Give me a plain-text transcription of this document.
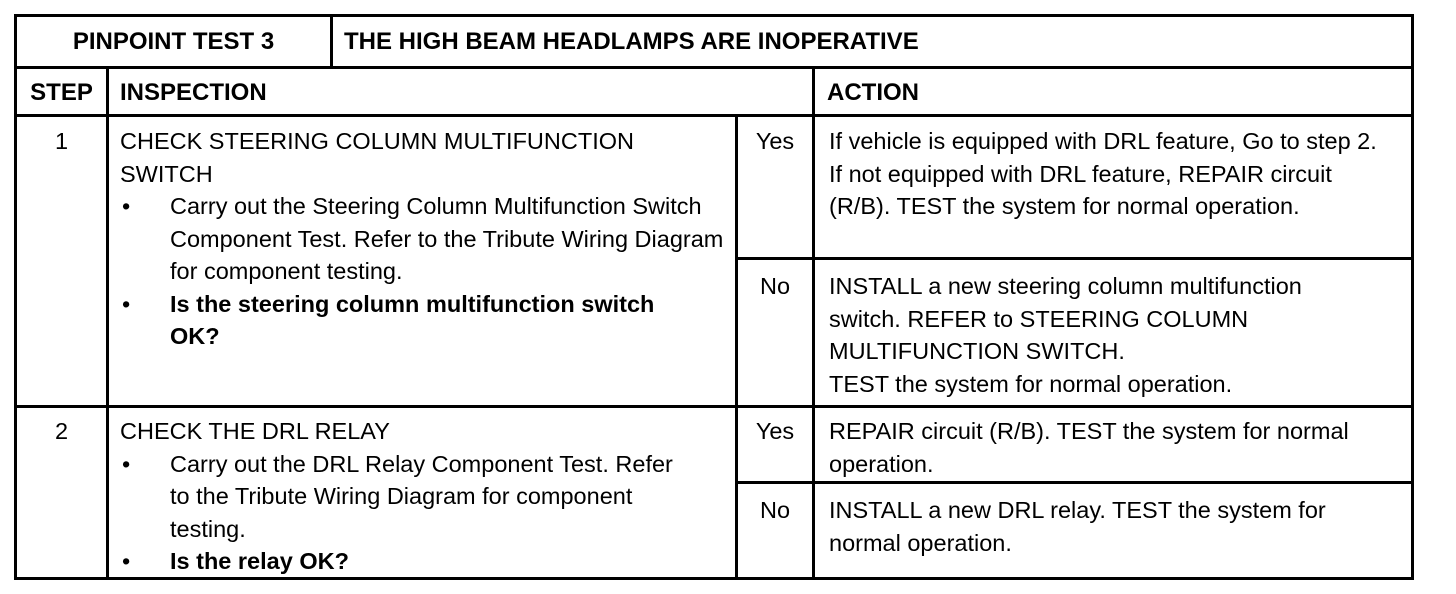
PINPOINT TEST 3	THE HIGH BEAM HEADLAMPS ARE INOPERATIVE
STEP	INSPECTION	ACTION
1	CHECK STEERING COLUMN MULTIFUNCTION SWITCH
• Carry out the Steering Column Multifunction Switch Component Test. Refer to the Tribute Wiring Diagram for component testing.
• Is the steering column multifunction switch OK?
Yes	If vehicle is equipped with DRL feature, Go to step 2. If not equipped with DRL feature, REPAIR circuit (R/B). TEST the system for normal operation.
No	INSTALL a new steering column multifunction switch. REFER to STEERING COLUMN MULTIFUNCTION SWITCH.
TEST the system for normal operation.
2	CHECK THE DRL RELAY
• Carry out the DRL Relay Component Test. Refer to the Tribute Wiring Diagram for component testing.
• Is the relay OK?
Yes	REPAIR circuit (R/B). TEST the system for normal operation.
No	INSTALL a new DRL relay. TEST the system for normal operation.
